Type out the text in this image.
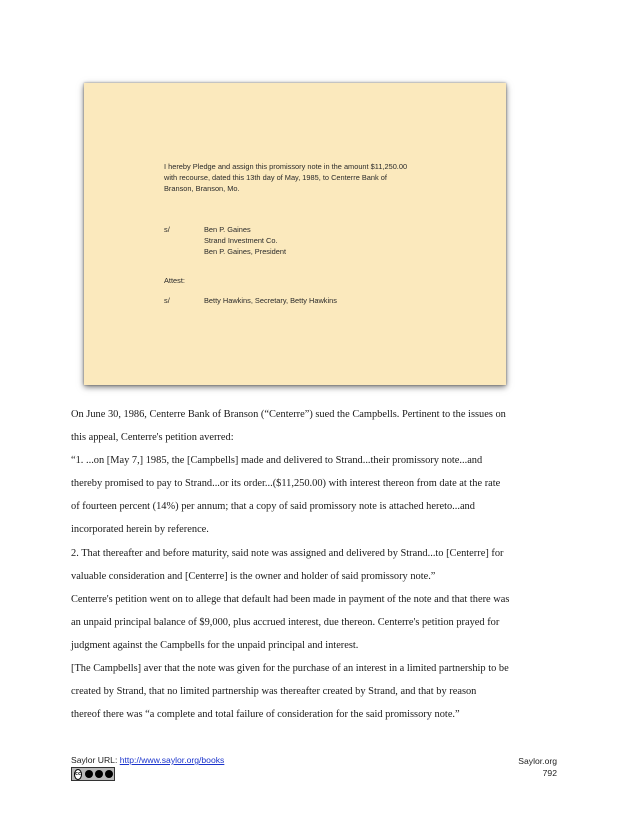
I hereby Pledge and assign this promissory note in the amount $11,250.00
with recourse, dated this 13th day of May, 1985, to Centerre Bank of
Branson, Branson, Mo.
s/	Ben P. Gaines
Strand Investment Co.
Ben P. Gaines, President
Attest:
s/	Betty Hawkins, Secretary, Betty Hawkins
On June 30, 1986, Centerre Bank of Branson (“Centerre”) sued the Campbells. Pertinent to the issues on
this appeal, Centerre's petition averred:
“1. ...on [May 7,] 1985, the [Campbells] made and delivered to Strand...their promissory note...and
thereby promised to pay to Strand...or its order...($11,250.00) with interest thereon from date at the rate
of fourteen percent (14%) per annum; that a copy of said promissory note is attached hereto...and
incorporated herein by reference.
2. That thereafter and before maturity, said note was assigned and delivered by Strand...to [Centerre] for
valuable consideration and [Centerre] is the owner and holder of said promissory note.”
Centerre's petition went on to allege that default had been made in payment of the note and that there was
an unpaid principal balance of $9,000, plus accrued interest, due thereon. Centerre's petition prayed for
judgment against the Campbells for the unpaid principal and interest.
[The Campbells] aver that the note was given for the purchase of an interest in a limited partnership to be
created by Strand, that no limited partnership was thereafter created by Strand, and that by reason
thereof there was “a complete and total failure of consideration for the said promissory note.”
Saylor URL: http://www.saylor.org/books
cc
Saylor.org
792
